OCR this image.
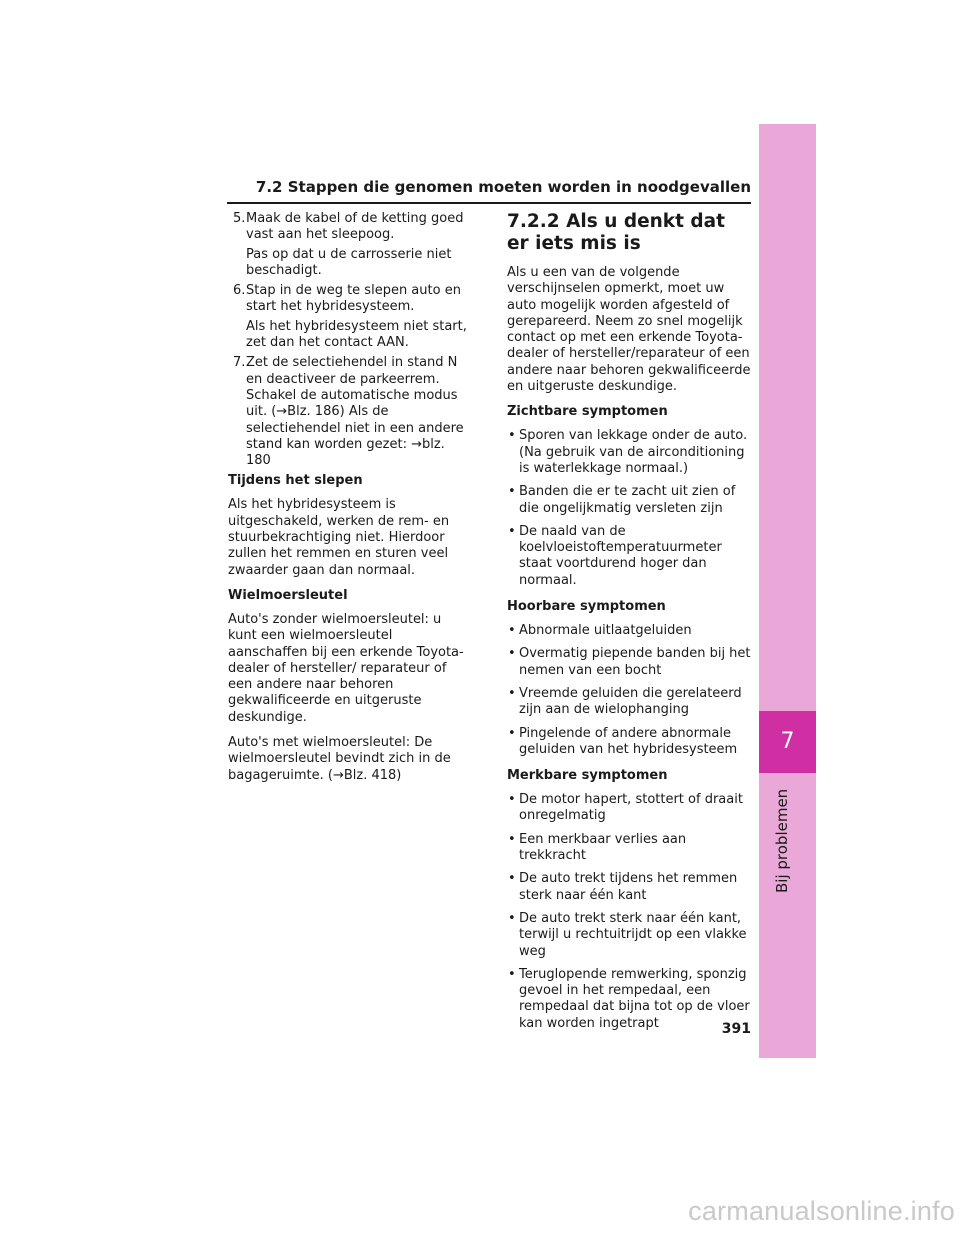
7
Bij problemen
7.2 Stappen die genomen moeten worden in noodgevallen
5. Maak de kabel of de ketting goed vast aan het sleepoog.

Pas op dat u de carrosserie niet beschadigt.

6. Stap in de weg te slepen auto en start het hybridesysteem.

Als het hybridesysteem niet start, zet dan het contact AAN.

7. Zet de selectiehendel in stand N en deactiveer de parkeerrem. Schakel de automatische modus uit. (→Blz. 186) Als de selectiehendel niet in een andere stand kan worden gezet: →blz. 180

Tijdens het slepen

Als het hybridesysteem is uitgeschakeld, werken de rem- en stuurbekrachtiging niet. Hierdoor zullen het remmen en sturen veel zwaarder gaan dan normaal.

Wielmoersleutel

Auto's zonder wielmoersleutel: u kunt een wielmoersleutel aanschaffen bij een erkende Toyota-dealer of hersteller/ reparateur of een andere naar behoren gekwalificeerde en uitgeruste deskundige.

Auto's met wielmoersleutel: De wielmoersleutel bevindt zich in de bagageruimte. (→Blz. 418)

7.2.2 Als u denkt dat er iets mis is

Als u een van de volgende verschijnselen opmerkt, moet uw auto mogelijk worden afgesteld of gerepareerd. Neem zo snel mogelijk contact op met een erkende Toyota-dealer of hersteller/reparateur of een andere naar behoren gekwalificeerde en uitgeruste deskundige.

Zichtbare symptomen
• Sporen van lekkage onder de auto. (Na gebruik van de airconditioning is waterlekkage normaal.)
• Banden die er te zacht uit zien of die ongelijkmatig versleten zijn
• De naald van de koelvloeistoftemperatuurmeter staat voortdurend hoger dan normaal.
Hoorbare symptomen
• Abnormale uitlaatgeluiden
• Overmatig piepende banden bij het nemen van een bocht
• Vreemde geluiden die gerelateerd zijn aan de wielophanging
• Pingelende of andere abnormale geluiden van het hybridesysteem
Merkbare symptomen
• De motor hapert, stottert of draait onregelmatig
• Een merkbaar verlies aan trekkracht
• De auto trekt tijdens het remmen sterk naar één kant
• De auto trekt sterk naar één kant, terwijl u rechtuitrijdt op een vlakke weg
• Teruglopende remwerking, sponzig gevoel in het rempedaal, een rempedaal dat bijna tot op de vloer kan worden ingetrapt	391
carmanualsonline.info
